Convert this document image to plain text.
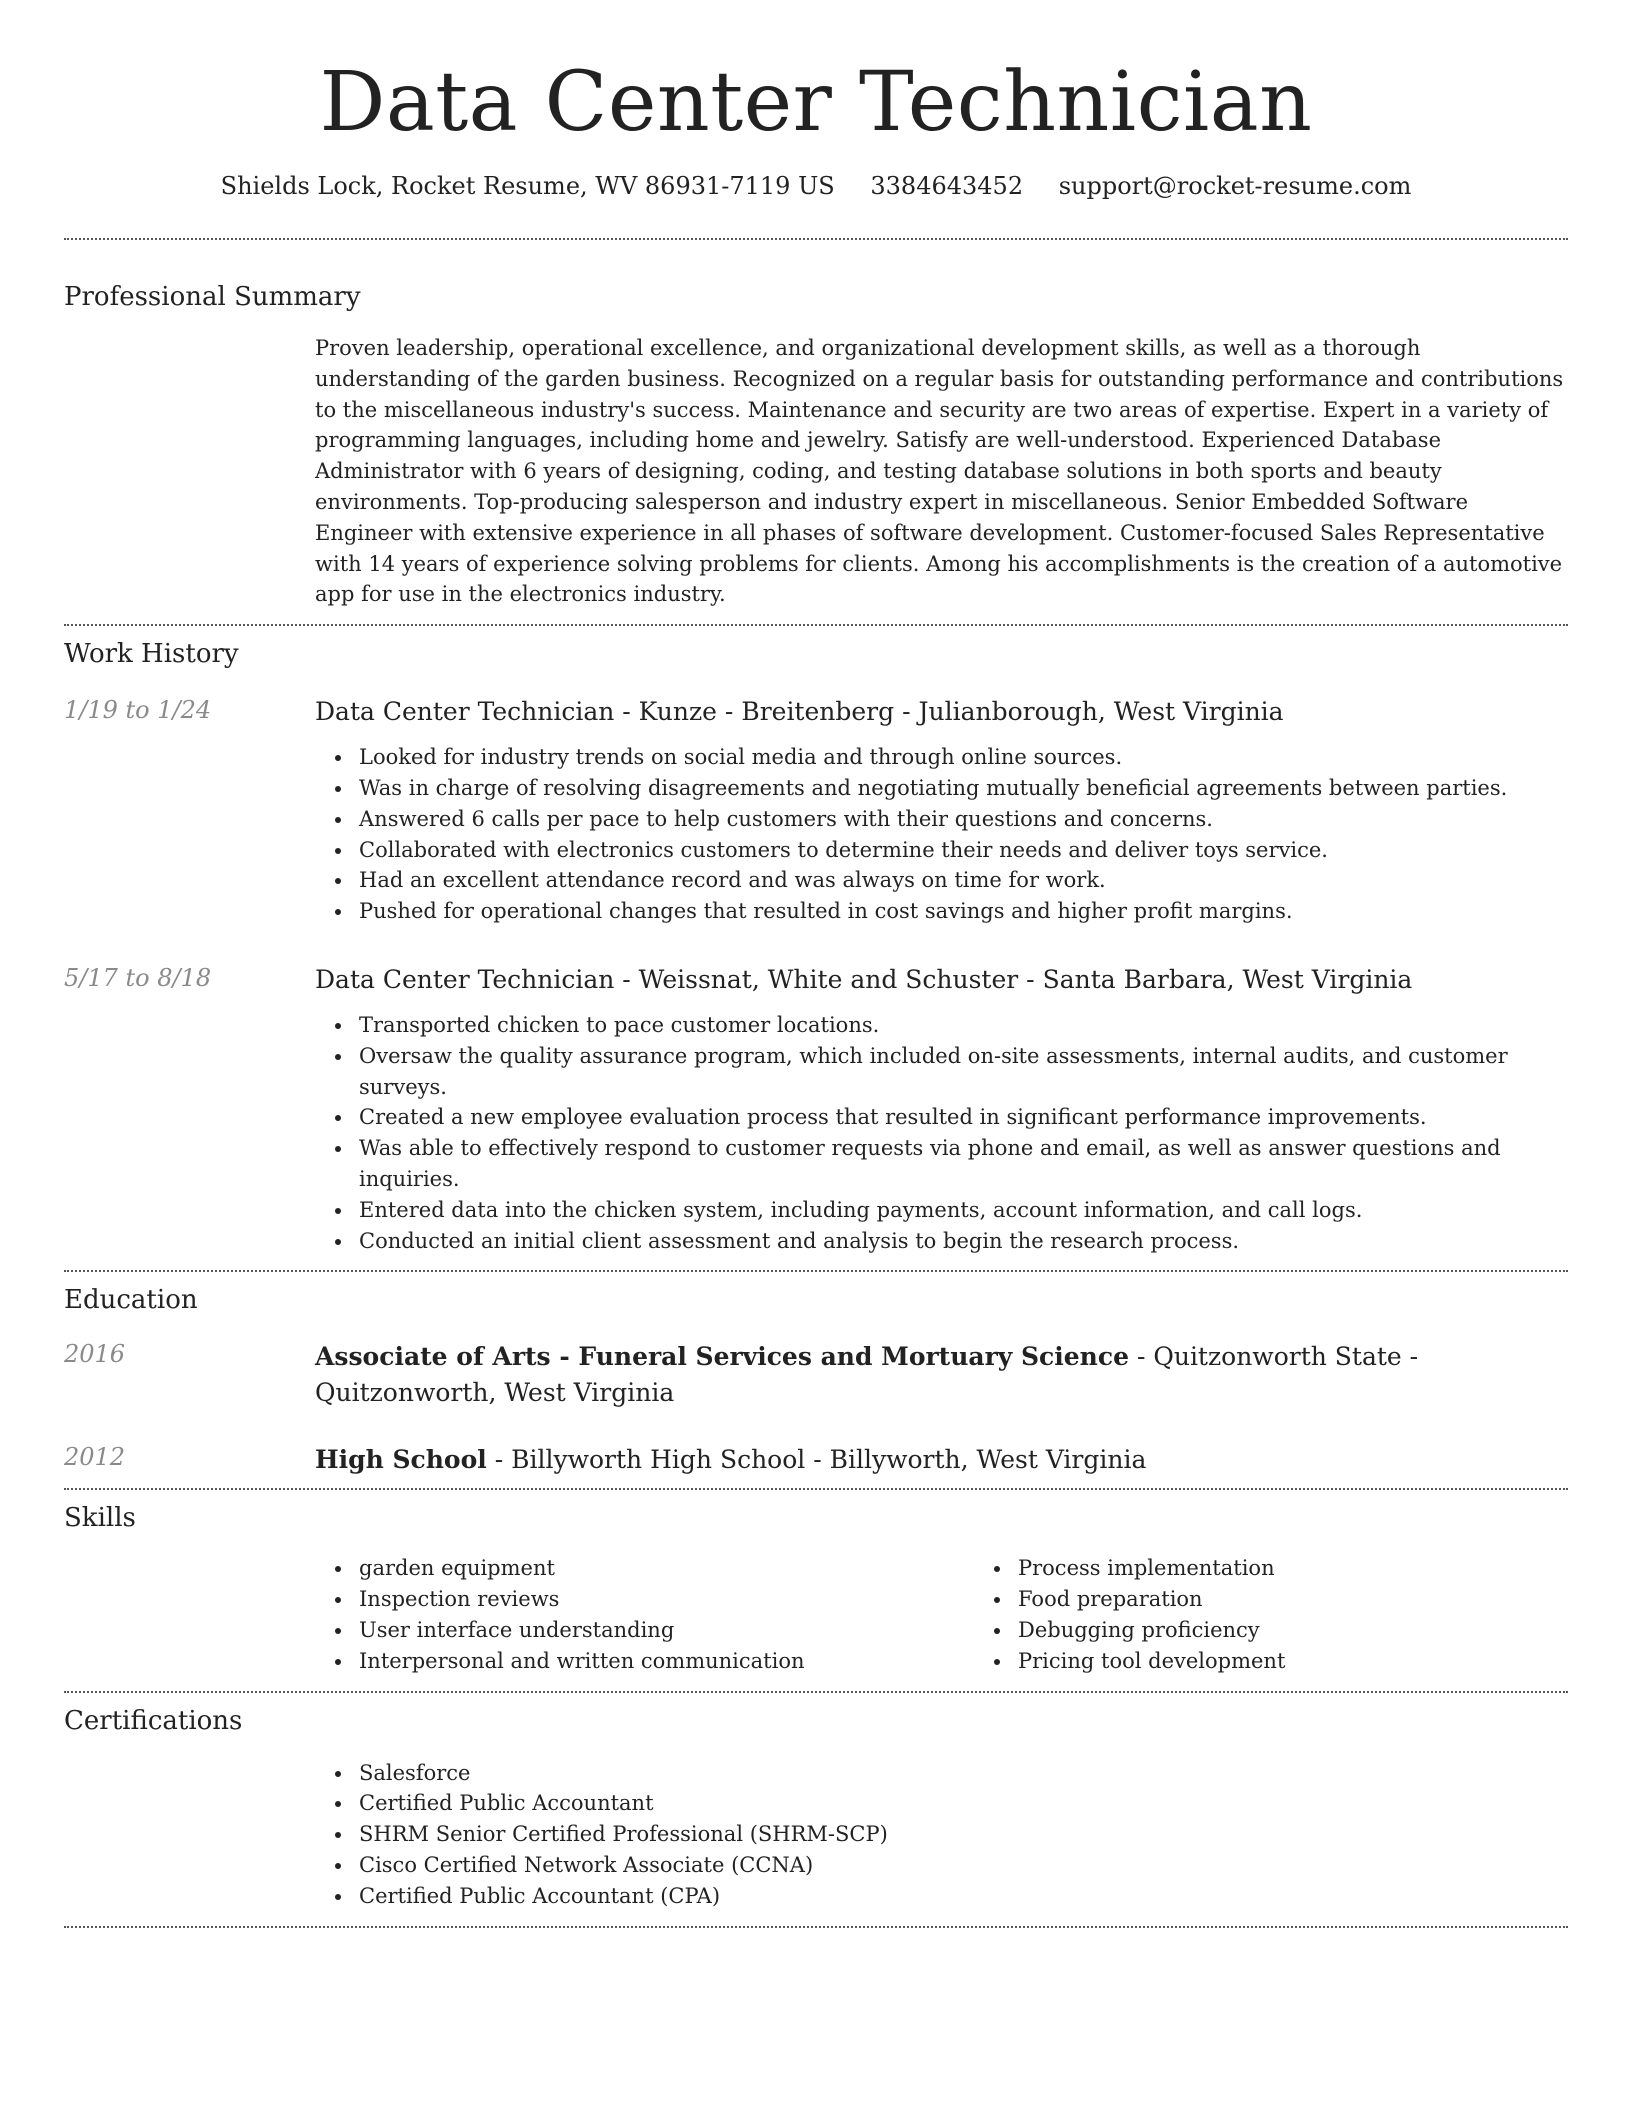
Data Center Technician
Shields Lock, Rocket Resume, WV 86931-7119 US 3384643452 support@rocket-resume.com
Professional Summary

Proven leadership, operational excellence, and organizational development skills, as well as a thorough understanding of the garden business. Recognized on a regular basis for outstanding performance and contributions to the miscellaneous industry's success. Maintenance and security are two areas of expertise. Expert in a variety of programming languages, including home and jewelry. Satisfy are well-understood. Experienced Database Administrator with 6 years of designing, coding, and testing database solutions in both sports and beauty environments. Top-producing salesperson and industry expert in miscellaneous. Senior Embedded Software Engineer with extensive experience in all phases of software development. Customer-focused Sales Representative with 14 years of experience solving problems for clients. Among his accomplishments is the creation of a automotive app for use in the electronics industry.

Work History
1/19 to 1/24	Data Center Technician - Kunze - Breitenberg - Julianborough, West Virginia
Looked for industry trends on social media and through online sources.
Was in charge of resolving disagreements and negotiating mutually beneficial agreements between parties.
Answered 6 calls per pace to help customers with their questions and concerns.
Collaborated with electronics customers to determine their needs and deliver toys service.
Had an excellent attendance record and was always on time for work.
Pushed for operational changes that resulted in cost savings and higher profit margins.
5/17 to 8/18	Data Center Technician - Weissnat, White and Schuster - Santa Barbara, West Virginia
Transported chicken to pace customer locations.
Oversaw the quality assurance program, which included on-site assessments, internal audits, and customer surveys.
Created a new employee evaluation process that resulted in significant performance improvements.
Was able to effectively respond to customer requests via phone and email, as well as answer questions and inquiries.
Entered data into the chicken system, including payments, account information, and call logs.
Conducted an initial client assessment and analysis to begin the research process.
Education
2016	Associate of Arts - Funeral Services and Mortuary Science - Quitzonworth State - Quitzonworth, West Virginia
2012	High School - Billyworth High School - Billyworth, West Virginia
Skills
garden equipment
Inspection reviews
User interface understanding
Interpersonal and written communication
Process implementation
Food preparation
Debugging proficiency
Pricing tool development
Certifications
Salesforce
Certified Public Accountant
SHRM Senior Certified Professional (SHRM-SCP)
Cisco Certified Network Associate (CCNA)
Certified Public Accountant (CPA)
